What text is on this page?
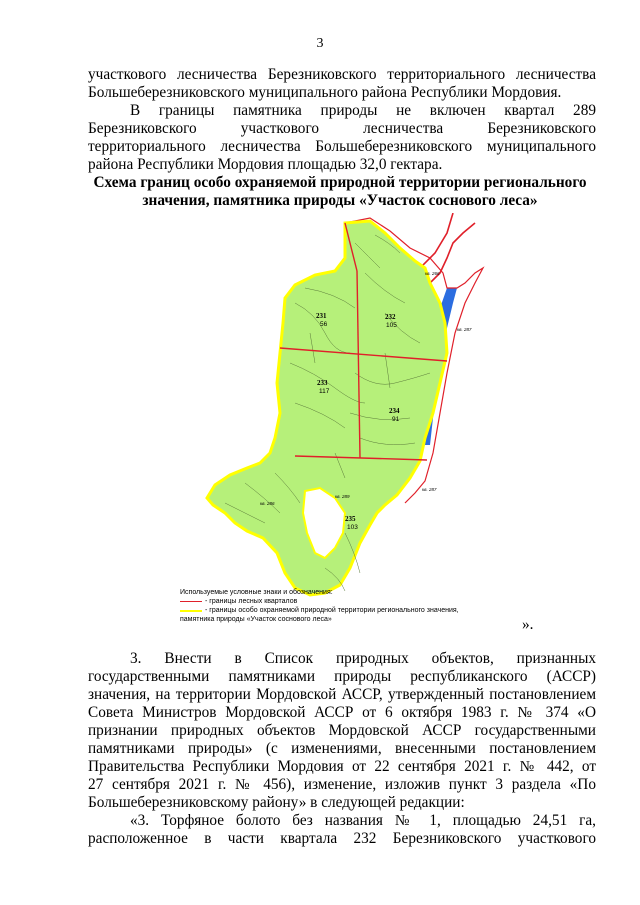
3
участкового лесничества Березниковского территориального лесничества
Большеберезниковского муниципального района Республики Мордовия.
В границы памятника природы не включен квартал 289
Березниковского участкового лесничества Березниковского
территориального лесничества Большеберезниковского муниципального
района Республики Мордовия площадью 32,0 гектара.
Схема границ особо охраняемой природной территории регионального
значения, памятника природы «Участок соснового леса»
231
56
232
105
233
117
234
91
235
103
кв. 266
кв. 287
кв. 286
кв. 289
кв. 287
Используемые условные знаки и обозначения:
- границы лесных кварталов
- границы особо охраняемой природной территории регионального значения,
памятника природы «Участок соснового леса»	».
3. Внести в Список природных объектов, признанных
государственными памятниками природы республиканского (АССР)
значения, на территории Мордовской АССР, утвержденный постановлением
Совета Министров Мордовской АССР от 6 октября 1983 г. № 374 «О
признании природных объектов Мордовской АССР государственными
памятниками природы» (с изменениями, внесенными постановлением
Правительства Республики Мордовия от 22 сентября 2021 г. № 442, от
27 сентября 2021 г. № 456), изменение, изложив пункт 3 раздела «По
Большеберезниковскому району» в следующей редакции:
«3. Торфяное болото без названия № 1, площадью 24,51 га,
расположенное в части квартала 232 Березниковского участкового
